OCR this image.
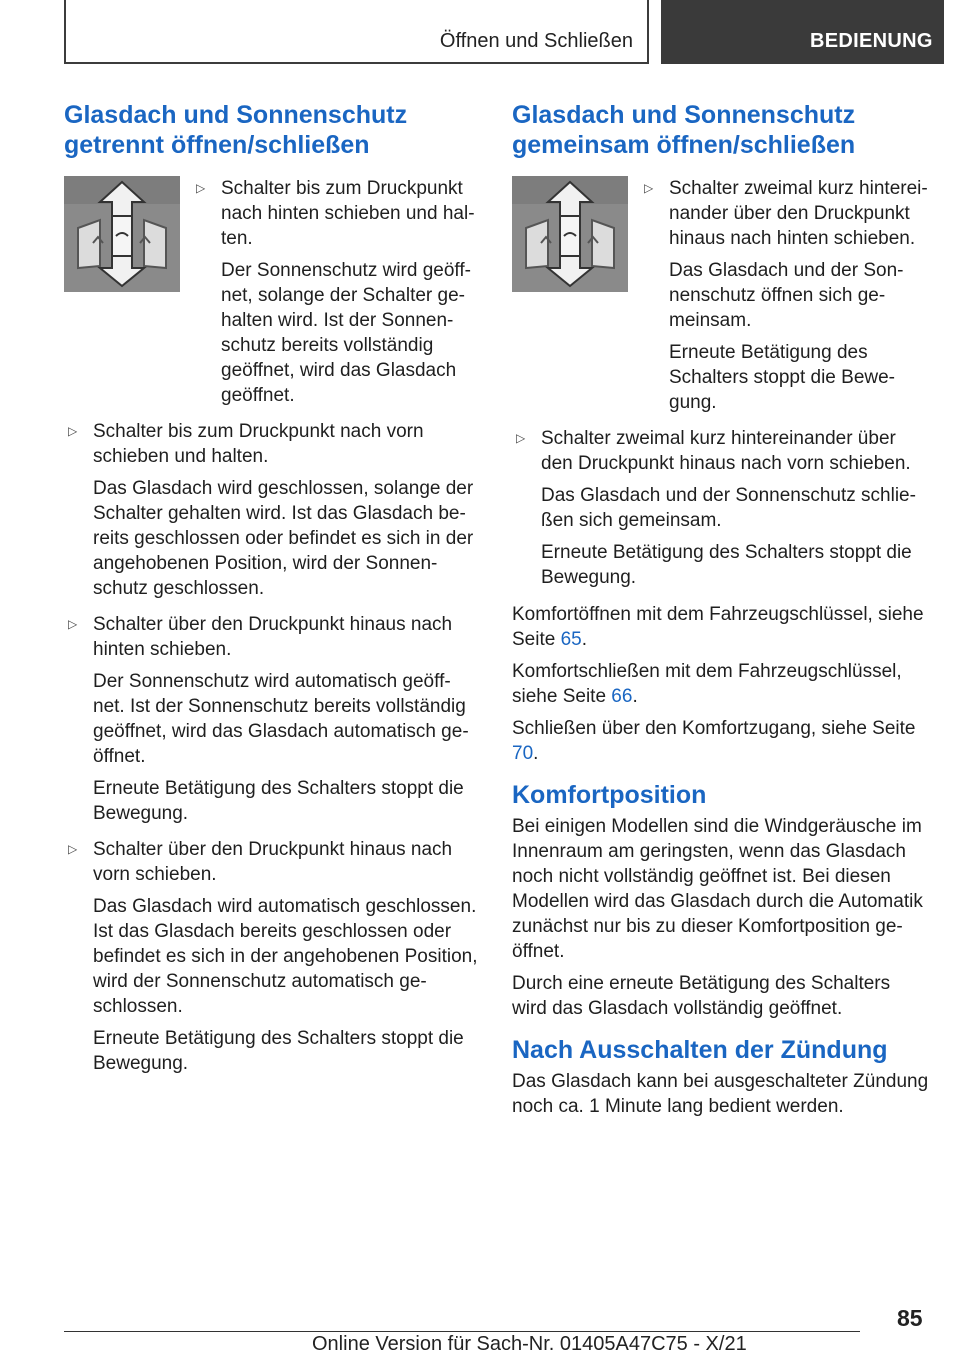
Öffnen und Schließen	BEDIENUNG
Glasdach und Sonnenschutz getrennt öffnen/schließen
▷ Schalter bis zum Druckpunkt nach hinten schieben und hal-ten.

Der Sonnenschutz wird geöff-net, solange der Schalter ge-halten wird. Ist der Sonnen-schutz bereits vollständig geöffnet, wird das Glasdach geöffnet.

▷ Schalter bis zum Druckpunkt nach vorn schieben und halten.

Das Glasdach wird geschlossen, solange der Schalter gehalten wird. Ist das Glasdach be-reits geschlossen oder befindet es sich in der angehobenen Position, wird der Sonnen-schutz geschlossen.

▷ Schalter über den Druckpunkt hinaus nach hinten schieben.

Der Sonnenschutz wird automatisch geöff-net. Ist der Sonnenschutz bereits vollständig geöffnet, wird das Glasdach automatisch ge-öffnet.

Erneute Betätigung des Schalters stoppt die Bewegung.

▷ Schalter über den Druckpunkt hinaus nach vorn schieben.

Das Glasdach wird automatisch geschlossen. Ist das Glasdach bereits geschlossen oder befindet es sich in der angehobenen Position, wird der Sonnenschutz automatisch ge-schlossen.

Erneute Betätigung des Schalters stoppt die Bewegung.

Glasdach und Sonnenschutz gemeinsam öffnen/schließen
▷ Schalter zweimal kurz hinterei-nander über den Druckpunkt hinaus nach hinten schieben.

Das Glasdach und der Son-nenschutz öffnen sich ge-meinsam.

Erneute Betätigung des Schalters stoppt die Bewe-gung.

▷ Schalter zweimal kurz hintereinander über den Druckpunkt hinaus nach vorn schieben.

Das Glasdach und der Sonnenschutz schlie-ßen sich gemeinsam.

Erneute Betätigung des Schalters stoppt die Bewegung.

Komfortöffnen mit dem Fahrzeugschlüssel, siehe Seite 65.

Komfortschließen mit dem Fahrzeugschlüssel, siehe Seite 66.

Schließen über den Komfortzugang, siehe Seite 70.

Komfortposition

Bei einigen Modellen sind die Windgeräusche im Innenraum am geringsten, wenn das Glasdach noch nicht vollständig geöffnet ist. Bei diesen Modellen wird das Glasdach durch die Automatik zunächst nur bis zu dieser Komfortposition ge-öffnet.

Durch eine erneute Betätigung des Schalters wird das Glasdach vollständig geöffnet.

Nach Ausschalten der Zündung

Das Glasdach kann bei ausgeschalteter Zündung noch ca. 1 Minute lang bedient werden.

85
Online Version für Sach-Nr. 01405A47C75 - X/21
